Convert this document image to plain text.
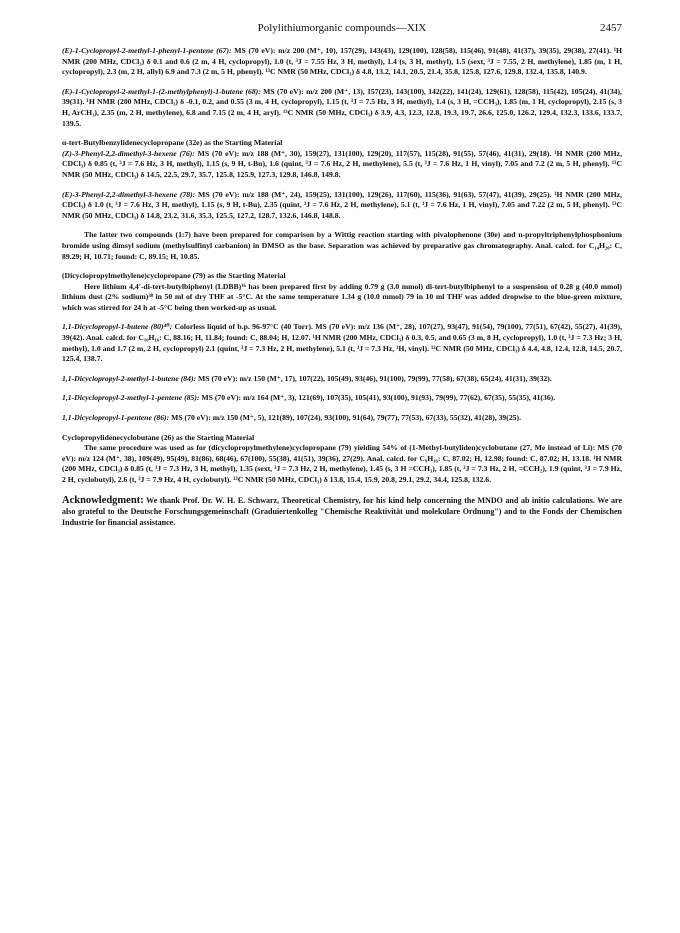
Polylithiumorganic compounds—XIX	2457
(E)-1-Cyclopropyl-2-methyl-1-phenyl-1-pentene (67): MS (70 eV): m/z 200 (M⁺, 10), 157(29), 143(43), 129(100), 128(58), 115(46), 91(48), 41(37), 39(35), 29(38), 27(41). ¹H NMR (200 MHz, CDCl₃) δ 0.1 and 0.6 (2 m, 4 H, cyclopropyl), 1.0 (t, ³J = 7.55 Hz, 3 H, methyl), 1.4 (s, 3 H, methyl), 1.5 (sext, ³J = 7.55, 2 H, methylene), 1.85 (m, 1 H, cyclopropyl), 2.3 (m, 2 H, allyl) 6.9 and 7.3 (2 m, 5 H, phenyl). ¹³C NMR (50 MHz, CDCl₃) δ 4.8, 13.2, 14.1, 20.5, 21.4, 35.8, 125.8, 127.6, 129.8, 132.4, 135.8, 140.9.
(E)-1-Cyclopropyl-2-methyl-1-(2-methylphenyl)-1-butene (68): MS (70 eV): m/z 200 (M⁺, 13), 157(23), 143(100), 142(22), 141(24), 129(61), 128(58), 115(42), 105(24), 41(34), 39(31). ¹H NMR (200 MHz, CDCl₃) δ -0.1, 0.2, and 0.55 (3 m, 4 H, cyclopropyl), 1.15 (t, ³J = 7.5 Hz, 3 H, methyl), 1.4 (s, 3 H, =CCH₃), 1.85 (m, 1 H, cyclopropyl), 2.15 (s, 3 H, ArCH₃), 2.35 (m, 2 H, methylene), 6.8 and 7.15 (2 m, 4 H, aryl). ¹³C NMR (50 MHz, CDCl₃) δ 3.9, 4.3, 12.3, 12.8, 19.3, 19.7, 26.6, 125.0, 126.2, 129.4, 132.3, 133.6, 133.7, 139.5.
α-tert-Butylbenzylidenecyclopropane (32e) as the Starting Material
(Z)-3-Phenyl-2,2-dimethyl-3-hexene (76): MS (70 eV): m/z 188 (M⁺, 30), 159(27), 131(100), 129(20), 117(57), 115(28), 91(55), 57(46), 41(31), 29(18). ¹H NMR (200 MHz, CDCl₃) δ 0.85 (t, ³J = 7.6 Hz, 3 H, methyl), 1.15 (s, 9 H, t-Bu), 1.6 (quint, ³J = 7.6 Hz, 2 H, methylene), 5.5 (t, ³J = 7.6 Hz, 1 H, vinyl), 7.05 and 7.2 (2 m, 5 H, phenyl). ¹³C NMR (50 MHz, CDCl₃) δ 14.5, 22.5, 29.7, 35.7, 125.8, 125.9, 127.3, 129.8, 146.8, 149.8.
(E)-3-Phenyl-2,2-dimethyl-3-hexene (78): MS (70 eV): m/z 188 (M⁺, 24), 159(25), 131(100), 129(26), 117(60), 115(36), 91(63), 57(47), 41(39), 29(25). ¹H NMR (200 MHz, CDCl₃) δ 1.0 (t, ³J = 7.6 Hz, 3 H, methyl), 1.15 (s, 9 H, t-Bu), 2.35 (quint, ³J = 7.6 Hz, 2 H, methylene), 5.1 (t, ³J = 7.6 Hz, 1 H, vinyl), 7.05 and 7.22 (2 m, 5 H, phenyl). ¹³C NMR (50 MHz, CDCl₃) δ 14.8, 23.2, 31.6, 35.3, 125.5, 127.2, 128.7, 132.6, 146.8, 148.8.
The latter two compounds (1:7) have been prepared for comparison by a Wittig reaction starting with pivalophenone (30e) and n-propyltriphenylphosphonium bromide using dimsyl sodium (methylsulfinyl carbanion) in DMSO as the base. Separation was achieved by preparative gas chromatography. Anal. calcd. for C₁₄H₂₀: C, 89.29; H, 10.71; found: C, 89.15; H, 10.85.
(Dicyclopropylmethylene)cyclopropane (79) as the Starting Material
Here lithium 4,4′-di-tert-butylbiphenyl (LDBB)¹⁶ has been prepared first by adding 0.79 g (3.0 mmol) di-tert-butylbiphenyl to a suspension of 0.28 g (40.0 mmol) lithium dust (2% sodium)³⁸ in 50 ml of dry THF at -5°C. At the same temperature 1.34 g (10.0 mmol) 79 in 10 ml THF was added dropwise to the blue-green mixture, which was stirred for 24 h at -5°C being then worked-up as usual.
1,1-Dicyclopropyl-1-butene (80)⁴⁰: Colorless liquid of b.p. 96-97°C (40 Torr). MS (70 eV): m/z 136 (M⁺, 28), 107(27), 93(47), 91(54), 79(100), 77(51), 67(42), 55(27), 41(39), 39(42). Anal. calcd. for C₁₀H₁₆: C, 88.16; H, 11.84; found: C, 88.04; H, 12.07. ¹H NMR (200 MHz, CDCl₃) δ 0.3, 0.5, and 0.65 (3 m, 8 H, cyclopropyl), 1.0 (t, ³J = 7.3 Hz; 3 H, methyl), 1.0 and 1.7 (2 m, 2 H, cyclopropyl) 2.1 (quint, ³J = 7.3 Hz, 2 H, methylene), 5.1 (t, ³J = 7.3 Hz, ¹H, vinyl). ¹³C NMR (50 MHz, CDCl₃) δ 4.4, 4.8, 12.4, 12.8, 14.5, 20.7, 125.4, 138.7.
1,1-Dicyclopropyl-2-methyl-1-butene (84): MS (70 eV): m/z 150 (M⁺, 17), 107(22), 105(49), 93(46), 91(100), 79(99), 77(58), 67(38), 65(24), 41(31), 39(32).
1,1-Dicyclopropyl-2-methyl-1-pentene (85): MS (70 eV): m/z 164 (M⁺, 3), 121(69), 107(35), 105(41), 93(100), 91(93), 79(99), 77(62), 67(35), 55(35), 41(36).
1,1-Dicyclopropyl-1-pentene (86): MS (70 eV): m/z 150 (M⁺, 5), 121(89), 107(24), 93(100), 91(64), 79(77), 77(53), 67(33), 55(32), 41(28), 39(25).
Cyclopropylidenecyclobutane (26) as the Starting Material
The same procedure was used as for (dicyclopropylmethylene)cyclopropane (79) yielding 54% of (1-Methyl-butyliden)cyclobutane (27, Me instead of Li): MS (70 eV): m/z 124 (M⁺, 38), 109(49), 95(49), 81(86), 68(46), 67(100), 55(38), 41(51), 39(36), 27(29). Anal. calcd. for C₉H₁₆: C, 87.02; H, 12.98; found: C, 87.02; H, 13.18. ¹H NMR (200 MHz, CDCl₃) δ 0.85 (t, ³J = 7.3 Hz, 3 H, methyl), 1.35 (sext, ³J = 7.3 Hz, 2 H, methylene), 1.45 (s, 3 H =CCH₃), 1.85 (t, ³J = 7.3 Hz, 2 H, =CCH₂), 1.9 (quint, ³J = 7.9 Hz, 2 H, cyclobutyl), 2.6 (t, ³J = 7.9 Hz, 4 H, cyclobutyl). ¹³C NMR (50 MHz, CDCl₃) δ 13.8, 15.4, 15.9, 20.8, 29.1, 29.2, 34.4, 125.8, 132.6.
Acknowledgment: We thank Prof. Dr. W. H. E. Schwarz, Theoretical Chemistry, for his kind help concerning the MNDO and ab initio calculations. We are also grateful to the Deutsche Forschungsgemeinschaft (Graduiertenkolleg "Chemische Reaktivität und molekulare Ordnung") and to the Fonds der Chemischen Industrie for financial assistance.
